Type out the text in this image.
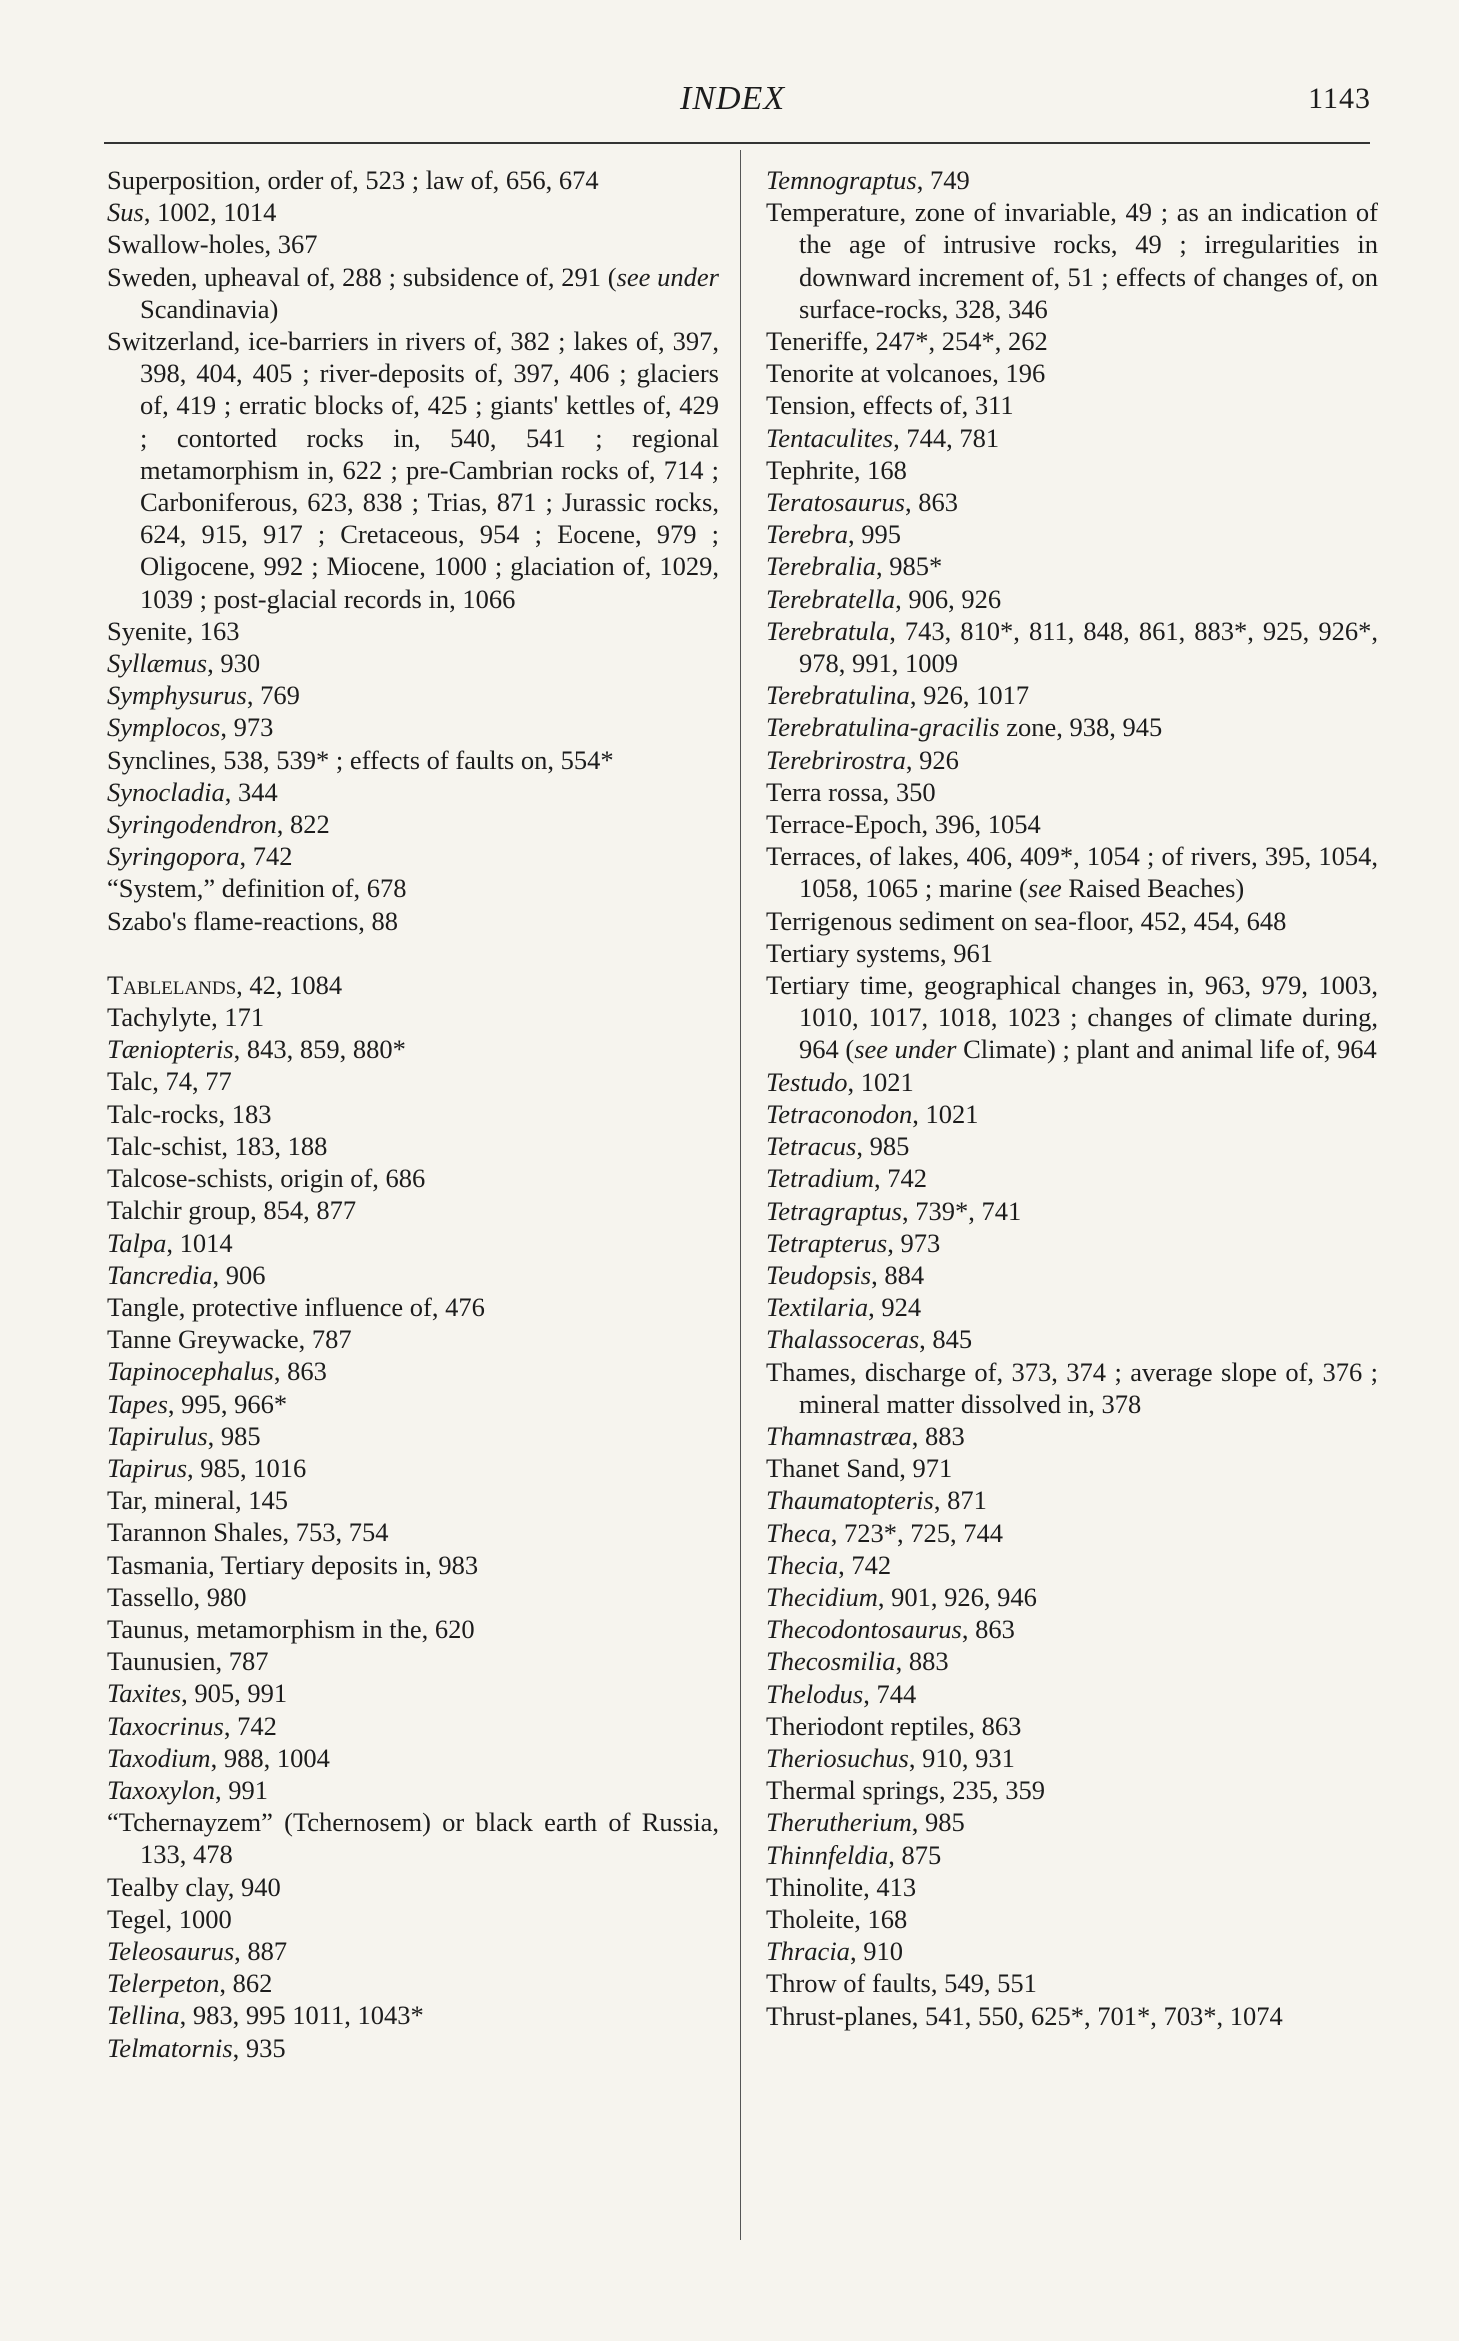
INDEX	1143
Superposition, order of, 523 ; law of, 656, 674
Sus, 1002, 1014
Swallow-holes, 367
Sweden, upheaval of, 288 ; subsidence of, 291 (see under Scandinavia)
Switzerland, ice-barriers in rivers of, 382 ; lakes of, 397, 398, 404, 405 ; river-deposits of, 397, 406 ; glaciers of, 419 ; erratic blocks of, 425 ; giants' kettles of, 429 ; contorted rocks in, 540, 541 ; regional metamorphism in, 622 ; pre-Cambrian rocks of, 714 ; Carboniferous, 623, 838 ; Trias, 871 ; Jurassic rocks, 624, 915, 917 ; Cretaceous, 954 ; Eocene, 979 ; Oligocene, 992 ; Miocene, 1000 ; glaciation of, 1029, 1039 ; post-glacial records in, 1066
Syenite, 163
Syllæmus, 930
Symphysurus, 769
Symplocos, 973
Synclines, 538, 539* ; effects of faults on, 554*
Synocladia, 344
Syringodendron, 822
Syringopora, 742
“System,” definition of, 678
Szabo's flame-reactions, 88
Tablelands, 42, 1084
Tachylyte, 171
Tæniopteris, 843, 859, 880*
Talc, 74, 77
Talc-rocks, 183
Talc-schist, 183, 188
Talcose-schists, origin of, 686
Talchir group, 854, 877
Talpa, 1014
Tancredia, 906
Tangle, protective influence of, 476
Tanne Greywacke, 787
Tapinocephalus, 863
Tapes, 995, 966*
Tapirulus, 985
Tapirus, 985, 1016
Tar, mineral, 145
Tarannon Shales, 753, 754
Tasmania, Tertiary deposits in, 983
Tassello, 980
Taunus, metamorphism in the, 620
Taunusien, 787
Taxites, 905, 991
Taxocrinus, 742
Taxodium, 988, 1004
Taxoxylon, 991
“Tchernayzem” (Tchernosem) or black earth of Russia, 133, 478
Tealby clay, 940
Tegel, 1000
Teleosaurus, 887
Telerpeton, 862
Tellina, 983, 995 1011, 1043*
Telmatornis, 935
Temnograptus, 749
Temperature, zone of invariable, 49 ; as an indication of the age of intrusive rocks, 49 ; irregularities in downward increment of, 51 ; effects of changes of, on surface-rocks, 328, 346
Teneriffe, 247*, 254*, 262
Tenorite at volcanoes, 196
Tension, effects of, 311
Tentaculites, 744, 781
Tephrite, 168
Teratosaurus, 863
Terebra, 995
Terebralia, 985*
Terebratella, 906, 926
Terebratula, 743, 810*, 811, 848, 861, 883*, 925, 926*, 978, 991, 1009
Terebratulina, 926, 1017
Terebratulina-gracilis zone, 938, 945
Terebrirostra, 926
Terra rossa, 350
Terrace-Epoch, 396, 1054
Terraces, of lakes, 406, 409*, 1054 ; of rivers, 395, 1054, 1058, 1065 ; marine (see Raised Beaches)
Terrigenous sediment on sea-floor, 452, 454, 648
Tertiary systems, 961
Tertiary time, geographical changes in, 963, 979, 1003, 1010, 1017, 1018, 1023 ; changes of climate during, 964 (see under Climate) ; plant and animal life of, 964
Testudo, 1021
Tetraconodon, 1021
Tetracus, 985
Tetradium, 742
Tetragraptus, 739*, 741
Tetrapterus, 973
Teudopsis, 884
Textilaria, 924
Thalassoceras, 845
Thames, discharge of, 373, 374 ; average slope of, 376 ; mineral matter dissolved in, 378
Thamnastræa, 883
Thanet Sand, 971
Thaumatopteris, 871
Theca, 723*, 725, 744
Thecia, 742
Thecidium, 901, 926, 946
Thecodontosaurus, 863
Thecosmilia, 883
Thelodus, 744
Theriodont reptiles, 863
Theriosuchus, 910, 931
Thermal springs, 235, 359
Therutherium, 985
Thinnfeldia, 875
Thinolite, 413
Tholeite, 168
Thracia, 910
Throw of faults, 549, 551
Thrust-planes, 541, 550, 625*, 701*, 703*, 1074
